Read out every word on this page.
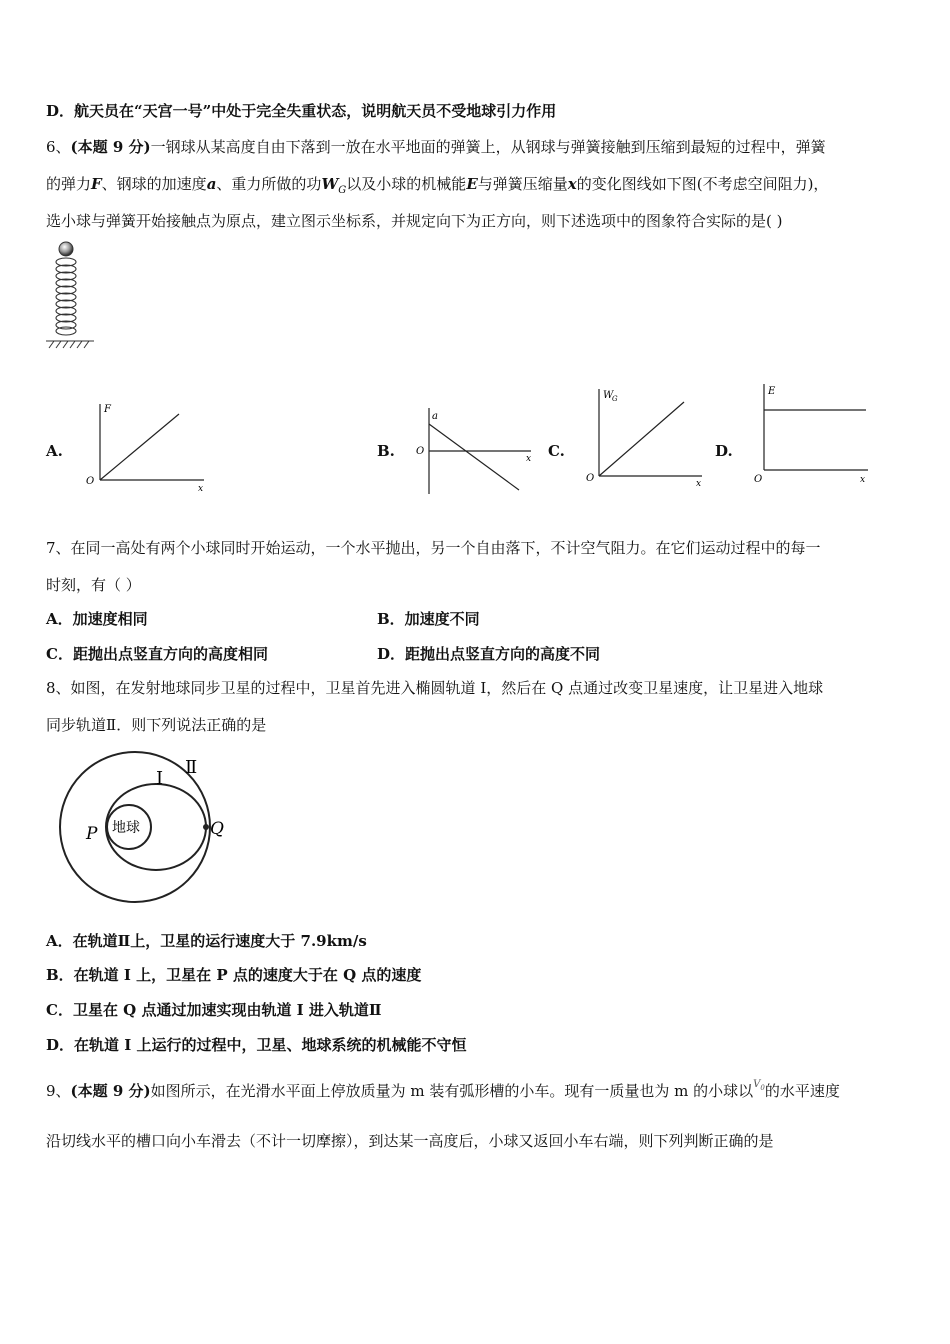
D．航天员在“天宫一号”中处于完全失重状态，说明航天员不受地球引力作用
6、(本题 9 分)一钢球从某高度自由下落到一放在水平地面的弹簧上，从钢球与弹簧接触到压缩到最短的过程中，弹簧
的弹力F、钢球的加速度a、重力所做的功$W_G$以及小球的机械能E与弹簧压缩量x的变化图线如下图(不考虑空间阻力)，
选小球与弹簧开始接触点为原点，建立图示坐标系，并规定向下为正方向，则下述选项中的图象符合实际的是( )
A.	B.	C.	D.
F
O
x
a
O
x
W
G
O	x
E
O	x
7、在同一高处有两个小球同时开始运动，一个水平抛出，另一个自由落下，不计空气阻力。在它们运动过程中的每一
时刻，有（ ）
A．加速度相同	B．加速度不同
C．距抛出点竖直方向的高度相同	D．距抛出点竖直方向的高度不同
8、如图，在发射地球同步卫星的过程中，卫星首先进入椭圆轨道 I，然后在 Q 点通过改变卫星速度，让卫星进入地球
同步轨道Ⅱ．则下列说法正确的是
地球
P	Q
I
Ⅱ
A．在轨道Ⅱ上，卫星的运行速度大于 7.9km/s
B．在轨道 I 上，卫星在 P 点的速度大于在 Q 点的速度
C．卫星在 Q 点通过加速实现由轨道 I 进入轨道Ⅱ
D．在轨道 I 上运行的过程中，卫星、地球系统的机械能不守恒
9、(本题 9 分)如图所示，在光滑水平面上停放质量为 m 装有弧形槽的小车。现有一质量也为 m 的小球以$^{V_0}$的水平速度
沿切线水平的槽口向小车滑去（不计一切摩擦），到达某一高度后，小球又返回小车右端，则下列判断正确的是
